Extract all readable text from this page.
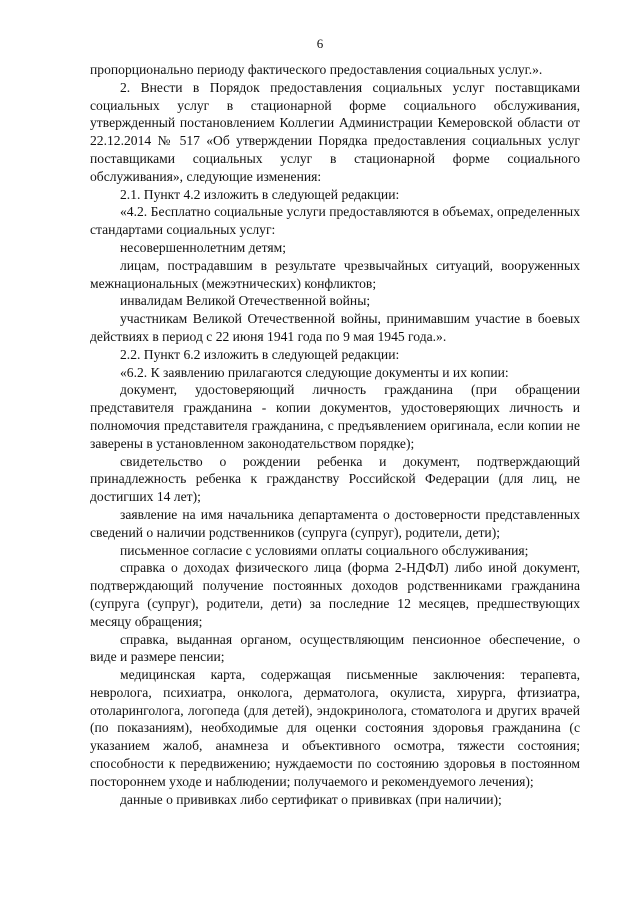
6

пропорционально периоду фактического предоставления социальных услуг.».

2. Внести в Порядок предоставления социальных услуг поставщиками социальных услуг в стационарной форме социального обслуживания, утвержденный постановлением Коллегии Администрации Кемеровской области от 22.12.2014 № 517 «Об утверждении Порядка предоставления социальных услуг поставщиками социальных услуг в стационарной форме социального обслуживания», следующие изменения:

2.1. Пункт 4.2 изложить в следующей редакции:

«4.2. Бесплатно социальные услуги предоставляются в объемах, определенных стандартами социальных услуг:

несовершеннолетним детям;

лицам, пострадавшим в результате чрезвычайных ситуаций, вооруженных межнациональных (межэтнических) конфликтов;

инвалидам Великой Отечественной войны;

участникам Великой Отечественной войны, принимавшим участие в боевых действиях в период с 22 июня 1941 года по 9 мая 1945 года.».

2.2. Пункт 6.2 изложить в следующей редакции:

«6.2. К заявлению прилагаются следующие документы и их копии:

документ, удостоверяющий личность гражданина (при обращении представителя гражданина - копии документов, удостоверяющих личность и полномочия представителя гражданина, с предъявлением оригинала, если копии не заверены в установленном законодательством порядке);

свидетельство о рождении ребенка и документ, подтверждающий принадлежность ребенка к гражданству Российской Федерации (для лиц, не достигших 14 лет);

заявление на имя начальника департамента о достоверности представленных сведений о наличии родственников (супруга (супруг), родители, дети);

письменное согласие с условиями оплаты социального обслуживания;

справка о доходах физического лица (форма 2-НДФЛ) либо иной документ, подтверждающий получение постоянных доходов родственниками гражданина (супруга (супруг), родители, дети) за последние 12 месяцев, предшествующих месяцу обращения;

справка, выданная органом, осуществляющим пенсионное обеспечение, о виде и размере пенсии;

медицинская карта, содержащая письменные заключения: терапевта, невролога, психиатра, онколога, дерматолога, окулиста, хирурга, фтизиатра, отоларинголога, логопеда (для детей), эндокринолога, стоматолога и других врачей (по показаниям), необходимые для оценки состояния здоровья гражданина (с указанием жалоб, анамнеза и объективного осмотра, тяжести состояния; способности к передвижению; нуждаемости по состоянию здоровья в постоянном постороннем уходе и наблюдении; получаемого и рекомендуемого лечения);

данные о прививках либо сертификат о прививках (при наличии);
